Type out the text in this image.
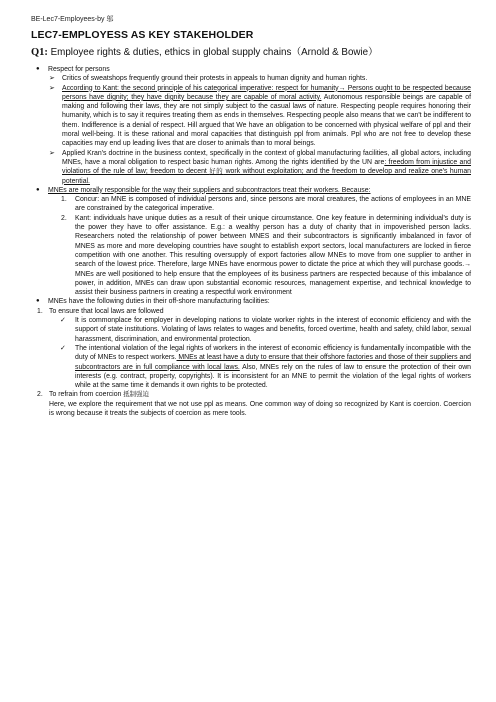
BE-Lec7-Employees-by 邬
LEC7-EMPLOYESS AS KEY STAKEHOLDER
Q1: Employee rights & duties, ethics in global supply chains（Arnold & Bowie）
● Respect for persons
➢ Critics of sweatshops frequently ground their protests in appeals to human dignity and human rights.
➢ According to Kant: the second principle of his categorical imperative: respect for humanity→ Persons ought to be respected because persons have dignity; they have dignity because they are capable of moral activity. Autonomous responsible beings are capable of making and following their laws, they are not simply subject to the casual laws of nature. Respecting people requires honoring their humanity, which is to say it requires treating them as ends in themselves. Respecting people also means that we can't be indifferent to them. Indifference is a denial of respect. Hill argued that We have an obligation to be concerned with physical welfare of ppl and their moral well-being. It is these rational and moral capacities that distinguish ppl from animals. Ppl who are not free to develop these capacities may end up leading lives that are closer to animals than to moral beings.
➢ Applied Kran's doctrine in the business context, specifically in the context of global manufacturing facilities, all global actors, including MNEs, have a moral obligation to respect basic human rights. Among the rights identified by the UN are: freedom from injustice and violations of the rule of law; freedom to decent 好的 work without exploitation; and the freedom to develop and realize one's human potential.
● MNEs are morally responsible for the way their suppliers and subcontractors treat their workers. Because:
1. Concur: an MNE is composed of individual persons and, since persons are moral creatures, the actions of employees in an MNE are constrained by the categorical imperative.
2. Kant: individuals have unique duties as a result of their unique circumstance. One key feature in determining individual's duty is the power they have to offer assistance. E.g.: a wealthy person has a duty of charity that in impoverished person lacks. Researchers noted the relationship of power between MNES and their subcontractors is significantly imbalanced in favor of MNES as more and more developing countries have sought to establish export sectors, local manufacturers are locked in fierce competition with one another. This resulting oversupply of export factories allow MNEs to move from one supplier to anther in search of the lowest price. Therefore, large MNEs have enormous power to dictate the price at which they will purchase goods.→ MNEs are well positioned to help ensure that the employees of its business partners are respected because of this imbalance of power, in addition, MNEs can draw upon substantial economic resources, management expertise, and technical knowledge to assist their business partners in creating a respectful work environment
● MNEs have the following duties in their off-shore manufacturing facilities:
1. To ensure that local laws are followed
✓ It is commonplace for employer in developing nations to violate worker rights in the interest of economic efficiency and with the support of state institutions. Violating of laws relates to wages and benefits, forced overtime, health and safety, child labor, sexual harassment, discrimination, and environmental protection.
✓ The intentional violation of the legal rights of workers in the interest of economic efficiency is fundamentally incompatible with the duty of MNEs to respect workers. MNEs at least have a duty to ensure that their offshore factories and those of their suppliers and subcontractors are in full compliance with local laws. Also, MNEs rely on the rules of law to ensure the protection of their own interests (e.g. contract, property, copyrights). It is inconsistent for an MNE to permit the violation of the legal rights of workers while at the same time it demands it own rights to be protected.
2. To refrain from coercion 抵制强迫
Here, we explore the requirement that we not use ppl as means. One common way of doing so recognized by Kant is coercion. Coercion is wrong because it treats the subjects of coercion as mere tools.
